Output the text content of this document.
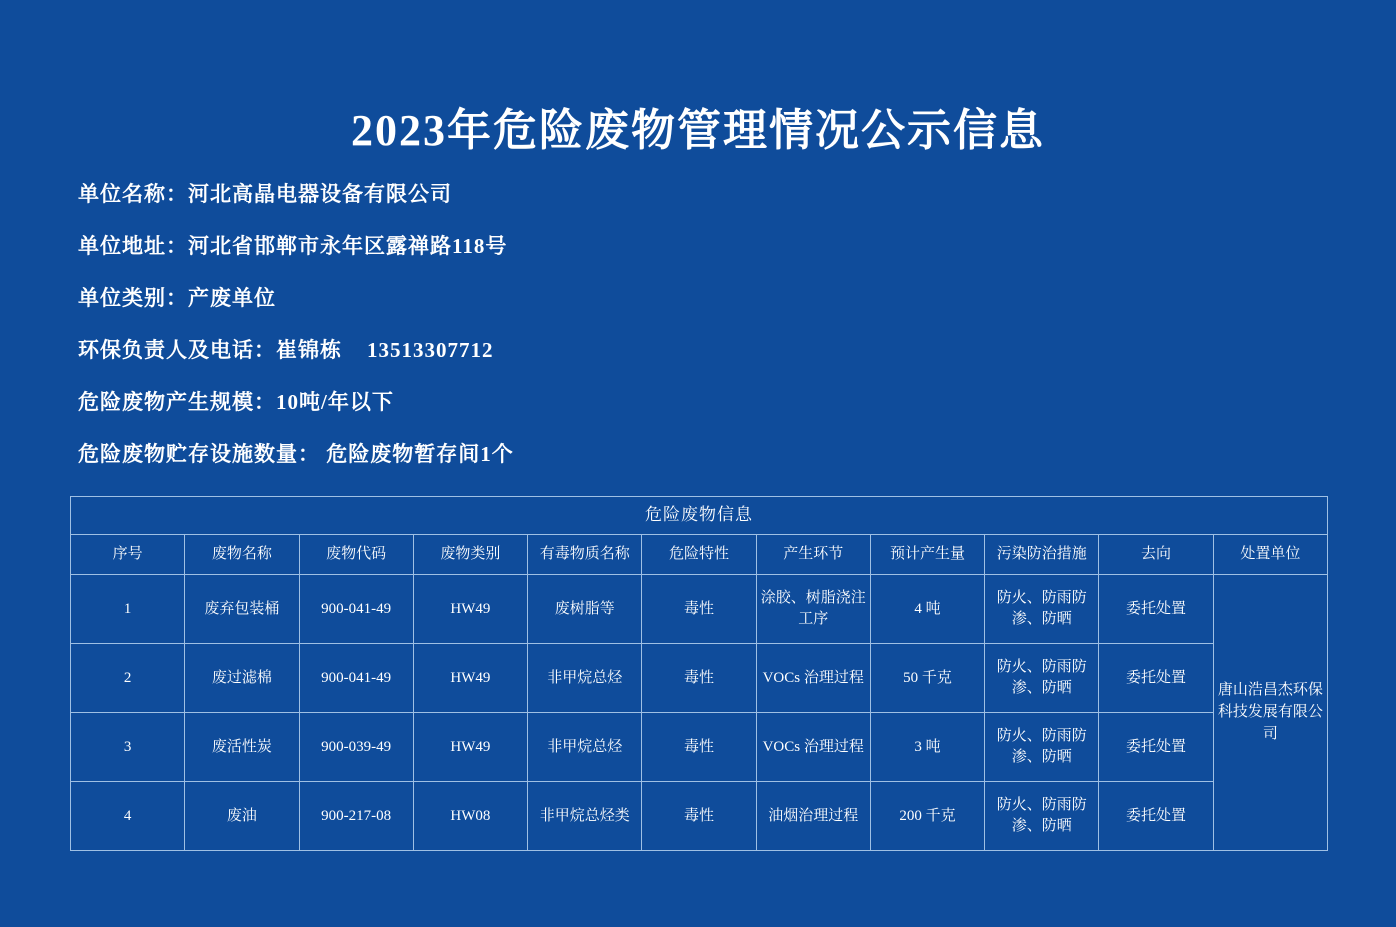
2023年危险废物管理情况公示信息

单位名称：河北高晶电器设备有限公司

单位地址：河北省邯郸市永年区露禅路118号

单位类别：产废单位

环保负责人及电话：崔锦栋    13513307712

危险废物产生规模：10吨/年以下

危险废物贮存设施数量： 危险废物暂存间1个

危险废物信息										
序号	废物名称	废物代码	废物类别	有毒物质名称	危险特性	产生环节	预计产生量	污染防治措施	去向	处置单位
1	废弃包装桶	900-041-49	HW49	废树脂等	毒性	涂胶、树脂浇注工序	4 吨	防火、防雨防渗、防晒	委托处置	唐山浩昌杰环保科技发展有限公司
2	废过滤棉	900-041-49	HW49	非甲烷总烃	毒性	VOCs 治理过程	50 千克	防火、防雨防渗、防晒	委托处置	
3	废活性炭	900-039-49	HW49	非甲烷总烃	毒性	VOCs 治理过程	3 吨	防火、防雨防渗、防晒	委托处置	
4	废油	900-217-08	HW08	非甲烷总烃类	毒性	油烟治理过程	200 千克	防火、防雨防渗、防晒	委托处置	
